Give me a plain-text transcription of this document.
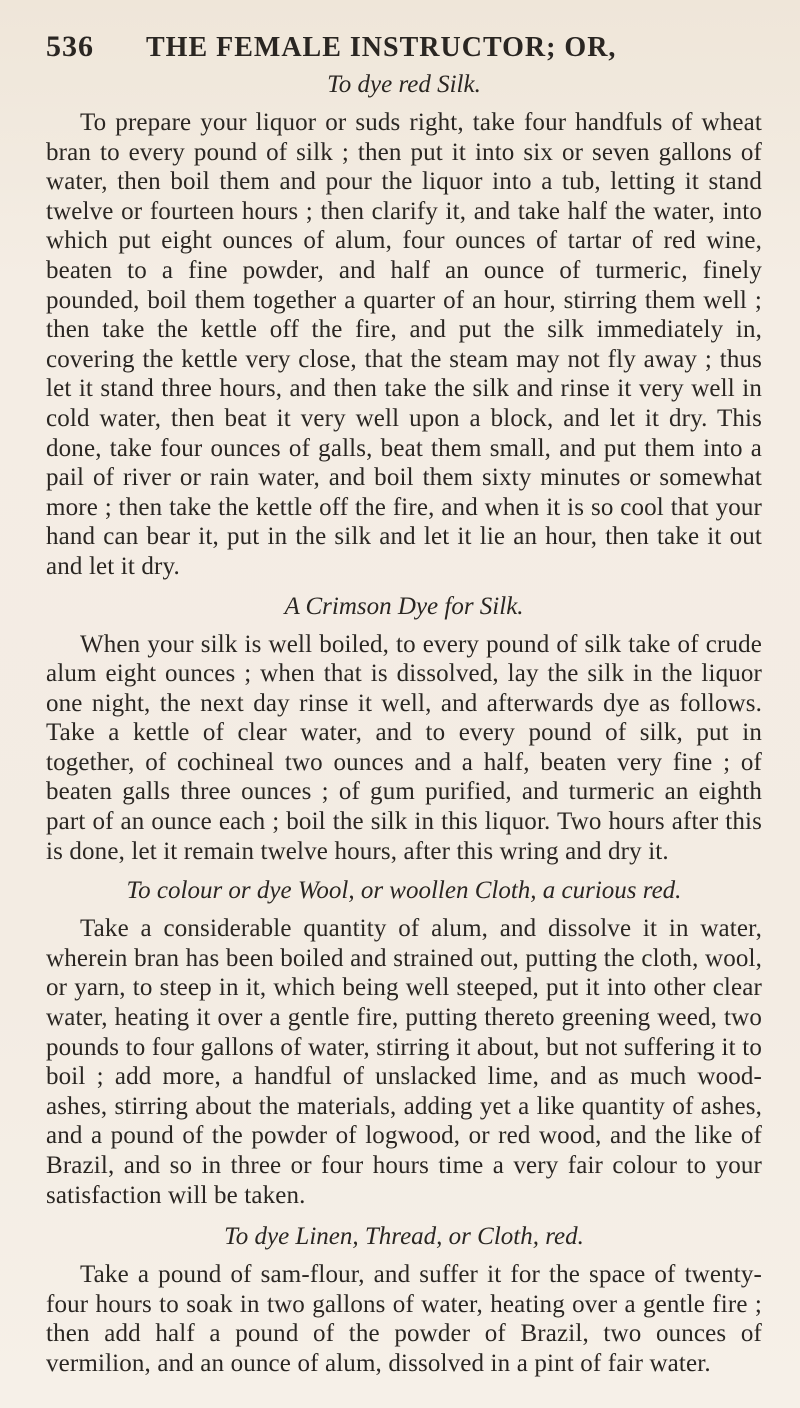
536 THE FEMALE INSTRUCTOR; OR,
To dye red Silk.

To prepare your liquor or suds right, take four handfuls of wheat bran to every pound of silk ; then put it into six or seven gallons of water, then boil them and pour the liquor into a tub, letting it stand twelve or fourteen hours ; then clarify it, and take half the water, into which put eight ounces of alum, four ounces of tartar of red wine, beaten to a fine powder, and half an ounce of turmeric, finely pounded, boil them together a quarter of an hour, stirring them well ; then take the kettle off the fire, and put the silk immediately in, covering the kettle very close, that the steam may not fly away ; thus let it stand three hours, and then take the silk and rinse it very well in cold water, then beat it very well upon a block, and let it dry. This done, take four ounces of galls, beat them small, and put them into a pail of river or rain water, and boil them sixty minutes or somewhat more ; then take the kettle off the fire, and when it is so cool that your hand can bear it, put in the silk and let it lie an hour, then take it out and let it dry.

A Crimson Dye for Silk.

When your silk is well boiled, to every pound of silk take of crude alum eight ounces ; when that is dissolved, lay the silk in the liquor one night, the next day rinse it well, and afterwards dye as follows. Take a kettle of clear water, and to every pound of silk, put in together, of cochineal two ounces and a half, beaten very fine ; of beaten galls three ounces ; of gum purified, and turmeric an eighth part of an ounce each ; boil the silk in this liquor. Two hours after this is done, let it remain twelve hours, after this wring and dry it.

To colour or dye Wool, or woollen Cloth, a curious red.

Take a considerable quantity of alum, and dissolve it in water, wherein bran has been boiled and strained out, putting the cloth, wool, or yarn, to steep in it, which being well steeped, put it into other clear water, heating it over a gentle fire, putting thereto greening weed, two pounds to four gallons of water, stirring it about, but not suffering it to boil ; add more, a handful of unslacked lime, and as much wood-ashes, stirring about the materials, adding yet a like quantity of ashes, and a pound of the powder of logwood, or red wood, and the like of Brazil, and so in three or four hours time a very fair colour to your satisfaction will be taken.

To dye Linen, Thread, or Cloth, red.

Take a pound of sam-flour, and suffer it for the space of twenty-four hours to soak in two gallons of water, heating over a gentle fire ; then add half a pound of the powder of Brazil, two ounces of vermilion, and an ounce of alum, dissolved in a pint of fair water.
